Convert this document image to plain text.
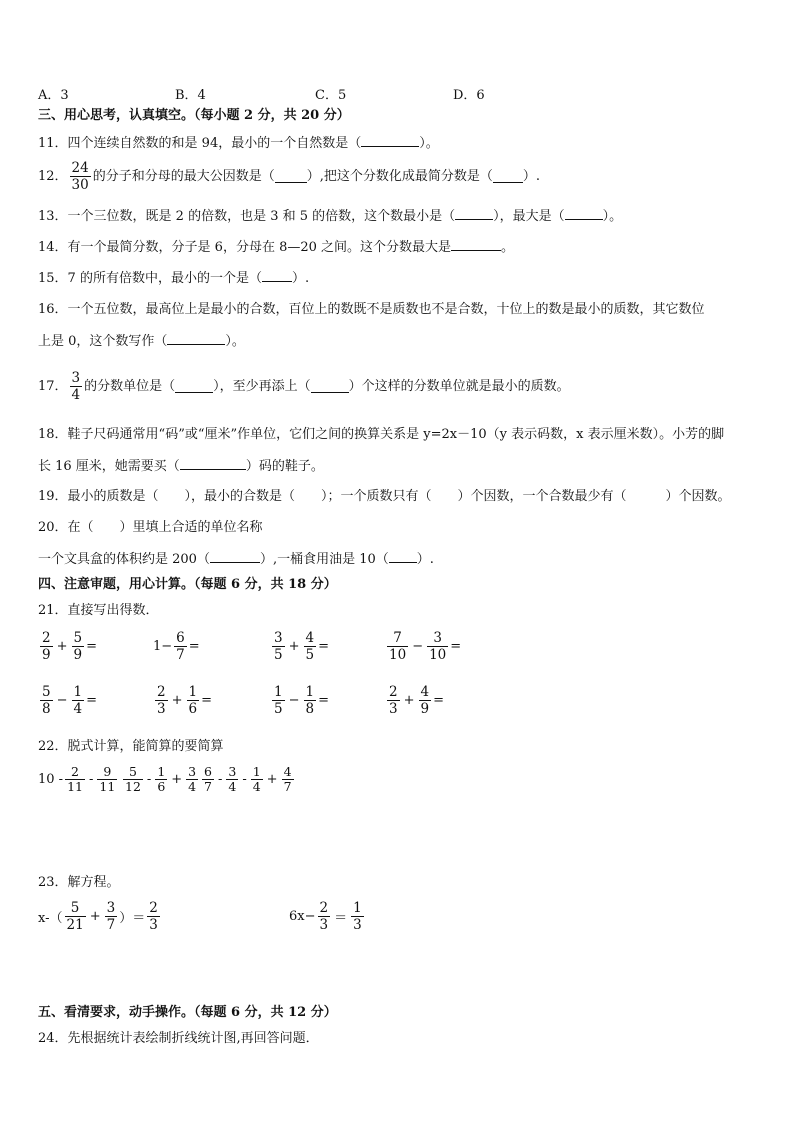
A．3	B．4	C．5	D．6
三、用心思考，认真填空。（每小题 2 分，共 20 分）
11．四个连续自然数的和是 94，最小的一个自然数是（	）。
12． $\frac{24}{30}$ 的分子和分母的最大公因数是（ ）,把这个分数化成最简分数是（ ）.
13．一个三位数，既是 2 的倍数，也是 3 和 5 的倍数，这个数最小是（	），最大是（	）。
14．有一个最简分数，分子是 6，分母在 8—20 之间。这个分数最大是	。
15．7 的所有倍数中，最小的一个是（ ）.
16．一个五位数，最高位上是最小的合数，百位上的数既不是质数也不是合数，十位上的数是最小的质数，其它数位
上是 0，这个数写作（	）。
17． $\frac{3}{4}$ 的分数单位是（	），至少再添上（	）个这样的分数单位就是最小的质数。
18．鞋子尺码通常用“码”或“厘米”作单位，它们之间的换算关系是 y=2x－10（y 表示码数，x 表示厘米数）。小芳的脚
长 16 厘米，她需要买（	）码的鞋子。
19．最小的质数是（　　），最小的合数是（　　）；一个质数只有（　　）个因数，一个合数最少有（　　　）个因数。
20．在（　　）里填上合适的单位名称
一个文具盒的体积约是 200（	）,一桶食用油是 10（ ）.
四、注意审题，用心计算。（每题 6 分，共 18 分）
21．直接写出得数．
$\frac{2}{9} + \frac{5}{9}$ =	$1- \frac{6}{7}$ =	$\frac{3}{5} + \frac{4}{5}$ =	$\frac{7}{10} - \frac{3}{10}$ =
$\frac{5}{8} - \frac{1}{4}$ =	$\frac{2}{3} + \frac{1}{6}$ =	$\frac{1}{5} - \frac{1}{8}$ =	$\frac{2}{3} + \frac{4}{9}$ =
22．脱式计算，能简算的要简算
$10 - \frac{2}{11} - \frac{9}{11} \frac{5}{12} - \frac{1}{6} + \frac{3}{4} \frac{6}{7} - \frac{3}{4} - \frac{1}{4} + \frac{4}{7}$
23．解方程。
$x-( \frac{5}{21} + \frac{3}{7}$ ）＝ $\frac{2}{3}$	$6x- \frac{2}{3} = \frac{1}{3}$
五、看清要求，动手操作。（每题 6 分，共 12 分）
24．先根据统计表绘制折线统计图,再回答问题．
